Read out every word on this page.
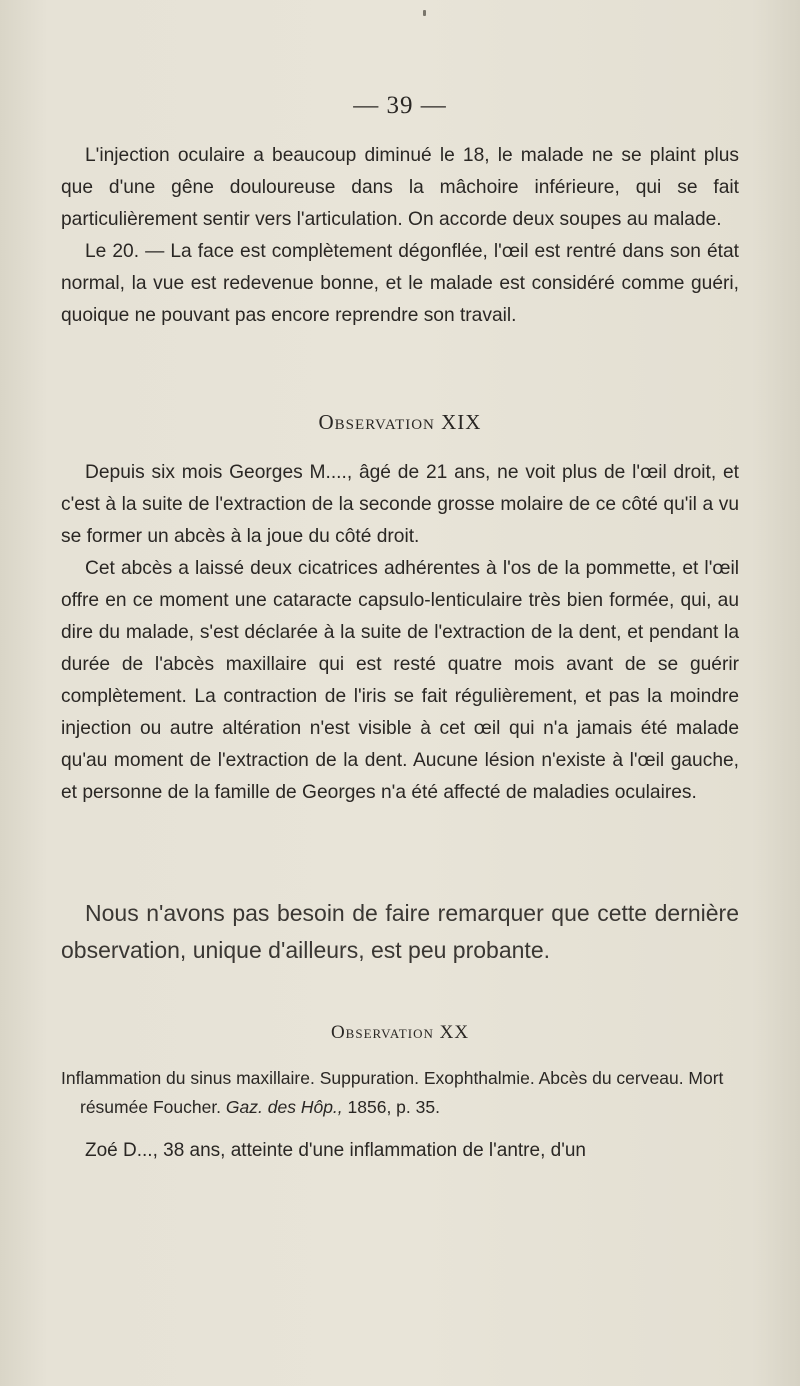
— 39 —

L'injection oculaire a beaucoup diminué le 18, le malade ne se plaint plus que d'une gêne douloureuse dans la mâchoire inférieure, qui se fait particulièrement sentir vers l'articulation. On accorde deux soupes au malade.

Le 20. — La face est complètement dégonflée, l'œil est rentré dans son état normal, la vue est redevenue bonne, et le malade est considéré comme guéri, quoique ne pouvant pas encore reprendre son travail.

Observation XIX

Depuis six mois Georges M...., âgé de 21 ans, ne voit plus de l'œil droit, et c'est à la suite de l'extraction de la seconde grosse molaire de ce côté qu'il a vu se former un abcès à la joue du côté droit.

Cet abcès a laissé deux cicatrices adhérentes à l'os de la pommette, et l'œil offre en ce moment une cataracte capsulo-lenticulaire très bien formée, qui, au dire du malade, s'est déclarée à la suite de l'extraction de la dent, et pendant la durée de l'abcès maxillaire qui est resté quatre mois avant de se guérir complètement. La contraction de l'iris se fait régulièrement, et pas la moindre injection ou autre altération n'est visible à cet œil qui n'a jamais été malade qu'au moment de l'extraction de la dent. Aucune lésion n'existe à l'œil gauche, et personne de la famille de Georges n'a été affecté de maladies oculaires.

Nous n'avons pas besoin de faire remarquer que cette dernière observation, unique d'ailleurs, est peu probante.
Observation XX

Inflammation du sinus maxillaire. Suppuration. Exophthalmie. Abcès du cerveau. Mort résumée Foucher. Gaz. des Hôp., 1856, p. 35.

Zoé D..., 38 ans, atteinte d'une inflammation de l'antre, d'un
